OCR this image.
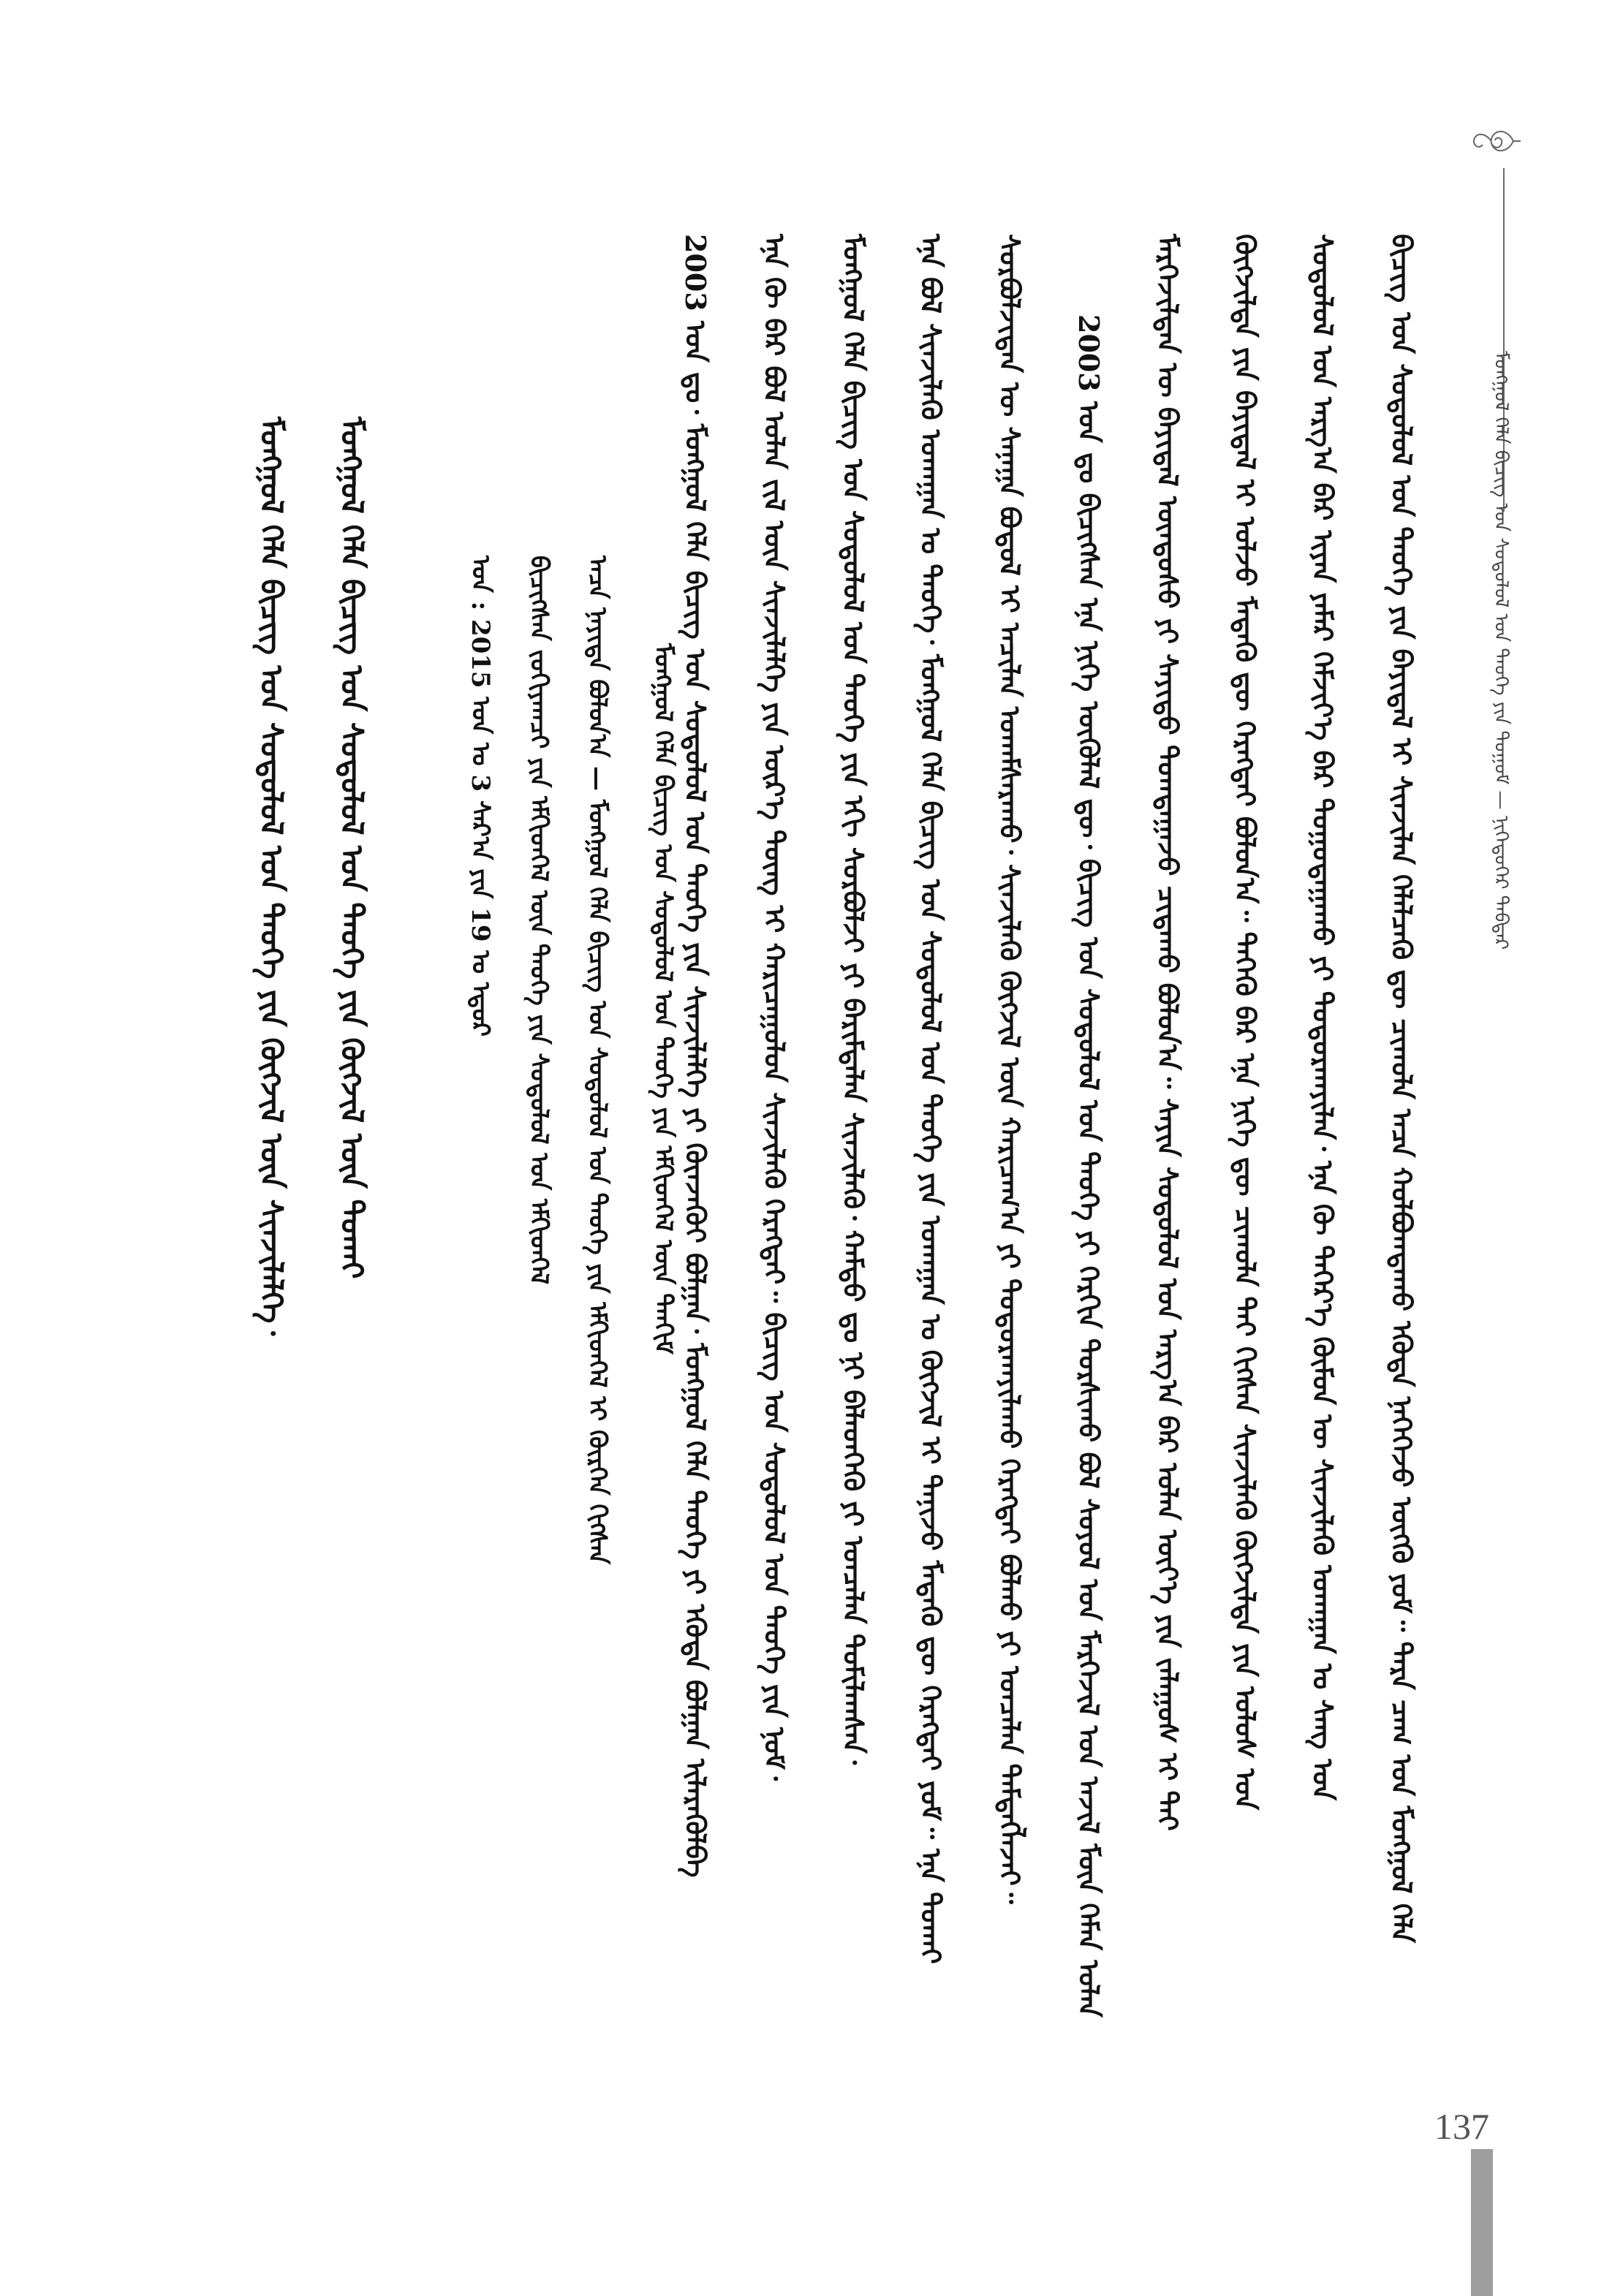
ᠮᠣᠩᠭᠣᠯ ᠬᠡᠯᠡ ᠪᠢᠴᠢᠭ ᠤᠨ ᠰᠤᠳᠤᠯᠤᠯ ᠤᠨ ᠲᠡᠦᠬᠡ ᠶᠢᠨ ᠲᠣᠭᠣᠮ — ᠨᠢᠭᠡᠳᠦᠭᠡᠷ ᠳᠡᠪᠲᠡᠷ
ᠪᠢᠴᠢᠭ ᠤᠨ ᠰᠤᠳᠤᠯᠤᠯ ᠤᠨ ᠲᠡᠦᠬᠡ ᠶᠢᠨ ᠪᠠᠶᠢᠳᠠᠯ ᠢ ᠰᠢᠨᠵᠢᠯᠡᠨ ᠬᠡᠯᠡᠯᠴᠡᠬᠦ ᠳᠦ ᠴᠢᠬᠤᠯᠠ ᠠᠴᠠ ᠬᠣᠯᠪᠣᠭᠳᠠᠬᠤ ᠡᠭᠦᠳᠡ ᠨᠡᠭᠡᠭᠡᠵᠦ ᠦᠭᠬᠦ ᠶᠤᠮ᠃ ᠲᠡᠷᠡ ᠴᠠᠭ ᠤᠨ ᠮᠣᠩᠭᠣᠯ ᠬᠡᠯᠡ
ᠰᠤᠳᠤᠯᠤᠯ ᠤᠨ ᠠᠷᠭ᠎ᠠ ᠪᠠᠷ ᠢᠶᠠᠨ ᠶᠠᠮᠠᠷ ᠬᠡᠮᠵᠢᠶ᠎ᠡ ᠪᠠᠷ ᠲᠣᠭᠣᠲᠠᠭᠠᠬᠤ ᠶᠢ ᠲᠣᠳᠣᠷᠬᠠᠶᠢᠯᠠᠨ᠂ ᠡᠨᠡ ᠬᠦ ᠳᠡᠭᠡᠷ᠎ᠡ ᠬᠦᠮᠦᠨ ᠦ ᠰᠢᠨᠵᠢᠯᠡᠬᠦ ᠤᠬᠠᠭᠠᠨ ᠤ ᠰᠠᠩ ᠤᠨ
ᠬᠥᠭᠵᠢᠯᠲᠡ ᠶᠢᠨ ᠪᠠᠶᠢᠳᠠᠯ ᠢ ᠣᠯᠵᠤ ᠮᠡᠳᠡᠬᠦ ᠳᠦ ᠬᠡᠷᠡᠭᠲᠡᠢ ᠪᠣᠯᠤᠨ᠎ᠠ᠃ ᠲᠡᠭᠡᠬᠦ ᠪᠡᠷ ᠡᠨᠡ ᠨᠢᠭᠡ ᠳᠦ ᠴᠢᠬᠤᠯᠠ ᠲᠠᠢ ᠬᠢᠭᠰᠡᠨ ᠰᠢᠨᠵᠢᠯᠡᠬᠦ ᠬᠥᠭᠵᠢᠯᠲᠡ ᠶᠢᠨ ᠤᠯᠤᠰ ᠤᠨ
ᠮᠡᠷᠭᠡᠵᠢᠯᠲᠡᠨ ᠦ ᠪᠠᠶᠢᠳᠠᠯ ᠦᠨᠳᠦᠰᠦ ᠶᠢ ᠰᠠᠶᠢᠲᠤ ᠲᠣᠭᠲᠠᠭᠠᠵᠤ ᠴᠢᠳᠠᠬᠤ ᠪᠣᠯᠤᠨ᠎ᠠ᠃ ᠰᠠᠶᠢᠨ ᠰᠤᠳᠤᠯᠤᠯ ᠤᠨ ᠠᠷᠭ᠎ᠠ ᠪᠠᠷ ᠣᠯᠠᠨ ᠦᠶ᠎ᠡ ᠶᠢᠨ ᠵᠠᠯᠠᠭᠤᠰ ᠢ ᠲᠠᠢ
2003 ᠣᠨ ᠳᠤ ᠪᠢᠴᠢᠭᠰᠡᠨ ᠡᠨᠡ ᠨᠢᠭᠡ ᠥᠭᠦᠯᠡᠯ ᠳᠦ᠂ ᠪᠢᠴᠢᠭ ᠤᠨ ᠰᠤᠳᠤᠯᠤᠯ ᠤᠨ ᠲᠡᠦᠬᠡ ᠶᠢ ᠬᠡᠷᠬᠢᠨ ᠲᠤᠷᠰᠢᠬᠤ ᠪᠣᠯ ᠰᠣᠶᠣᠯ ᠤᠨ ᠮᠡᠷᠭᠡᠵᠢᠯ ᠤᠨ ᠠᠵᠢᠯ ᠮᠥᠨ ᠬᠡᠮᠡᠨ ᠣᠯᠠᠨ
ᠰᠤᠷᠪᠤᠯᠵᠢᠲᠠᠨ ᠦ ᠰᠠᠨᠠᠭᠠ ᠪᠣᠳᠤᠯ ᠢ ᠠᠴᠢᠯᠠᠨ ᠤᠬᠠᠮᠰᠠᠷᠠᠬᠤ᠂ ᠰᠢᠨᠵᠢᠯᠡᠬᠦ ᠬᠥᠭᠵᠢᠯ ᠦᠨ ᠬᠠᠷᠢᠴᠠᠭ᠎ᠠ ᠶᠢ ᠲᠣᠳᠤᠷᠬᠠᠶᠢᠯᠠᠬᠤ ᠬᠡᠷᠡᠭᠲᠡᠢ ᠪᠣᠯᠬᠤ ᠶᠢ ᠣᠨᠴᠠᠯᠠᠨ ᠲᠡᠮᠳᠡᠭᠯᠡᠵᠡᠢ᠃
ᠡᠨᠡ ᠪᠣᠯ ᠰᠢᠨᠵᠢᠯᠡᠬᠦ ᠤᠬᠠᠭᠠᠨ ᠤ ᠲᠡᠦᠬᠡ᠂ ᠮᠣᠩᠭᠣᠯ ᠬᠡᠯᠡ ᠪᠢᠴᠢᠭ ᠤᠨ ᠰᠤᠳᠤᠯᠤᠯ ᠤᠨ ᠲᠡᠦᠬᠡ ᠶᠢᠨ ᠤᠬᠠᠭᠠᠨ ᠤ ᠬᠥᠭᠵᠢᠯ ᠢ ᠲᠠᠨᠢᠵᠤ ᠮᠡᠳᠡᠬᠦ ᠳᠦ ᠬᠡᠷᠡᠭᠲᠡᠢ ᠶᠤᠮ᠃ ᠡᠨᠡ ᠲᠤᠬᠠᠢ
ᠮᠣᠩᠭᠣᠯ ᠬᠡᠯᠡ ᠪᠢᠴᠢᠭ ᠤᠨ ᠰᠤᠳᠤᠯᠤᠯ ᠤᠨ ᠲᠡᠦᠬᠡ ᠶᠢᠨ ᠡᠬᠢ ᠰᠤᠷᠪᠤᠯᠵᠢ ᠶᠢ ᠪᠠᠷᠢᠮᠲᠠᠯᠠᠨ ᠰᠢᠨᠵᠢᠯᠡᠬᠦ᠂ ᠬᠠᠮᠲᠤ ᠳᠤ ᠨᠢ ᠪᠡᠯᠡᠳᠬᠡᠬᠦ ᠶᠢ ᠣᠨᠴᠠᠯᠠᠨ ᠲᠣᠮᠢᠯᠠᠭᠰᠠᠨ᠂
ᠡᠨᠡ ᠬᠦ ᠪᠠᠷ ᠪᠣᠯ ᠣᠯᠠᠨ ᠵᠢᠯ ᠦᠨ ᠰᠢᠨᠵᠢᠯᠡᠯᠭᠡ ᠶᠢᠨ ᠦᠷ᠎ᠡ ᠳᠦᠩ ᠢ ᠬᠠᠷᠢᠴᠠᠭᠤᠯᠤᠨ ᠰᠢᠨᠵᠢᠯᠡᠬᠦ ᠬᠡᠷᠡᠭᠲᠡᠢ᠃ ᠪᠢᠴᠢᠭ ᠤᠨ ᠰᠤᠳᠤᠯᠤᠯ ᠤᠨ ᠲᠡᠦᠬᠡ ᠶᠢᠨ ᠨᠣᠮ᠂
2003 ᠣᠨ ᠳᠤ᠂ ᠮᠣᠩᠭᠣᠯ ᠬᠡᠯᠡ ᠪᠢᠴᠢᠭ ᠤᠨ ᠰᠤᠳᠤᠯᠤᠯ ᠤᠨ ᠲᠡᠦᠬᠡ ᠶᠢᠨ ᠰᠢᠨᠵᠢᠯᠡᠯᠭᠡ ᠶᠢ ᠭᠦᠨᠵᠡᠭᠦᠢ ᠪᠣᠯᠭᠠᠨ᠂ ᠮᠣᠩᠭᠣᠯ ᠬᠡᠯᠡ ᠲᠡᠦᠬᠡ ᠶᠢ ᠡᠭᠦᠳᠡ ᠪᠣᠯᠭᠠᠨ ᠢᠯᠡᠷᠡᠭᠦᠯᠪᠡ
ᠮᠣᠩᠭᠣᠯ ᠬᠡᠯᠡ ᠪᠢᠴᠢᠭ ᠤᠨ ᠰᠤᠳᠤᠯᠤᠯ ᠤᠨ ᠲᠡᠦᠬᠡ ᠶᠢᠨ ᠡᠮᠬᠢᠳᠬᠡᠯ ᠦᠨ ᠲᠠᠨᠬᠢᠮ
ᠠᠴᠠ ᠨᠡᠶᠢᠲᠡ ᠪᠣᠯᠤᠨ᠎ᠠ — ᠮᠣᠩᠭᠣᠯ ᠬᠡᠯᠡ ᠪᠢᠴᠢᠭ ᠤᠨ ᠰᠤᠳᠤᠯᠤᠯ ᠤᠨ ᠲᠡᠦᠬᠡ ᠶᠢᠨ ᠡᠮᠬᠢᠳᠬᠡᠯ ᠢ ᠬᠦᠷᠭᠡᠨ ᠬᠢᠭᠰᠡᠨ
ᠪᠢᠴᠢᠭᠰᠡᠨ ᠵᠣᠬᠢᠶᠠᠭᠴᠢ ᠶᠢᠨ ᠡᠮᠬᠢᠳᠬᠡᠯ ᠦᠨ ᠲᠡᠦᠬᠡ ᠶᠢᠨ ᠰᠤᠳᠤᠯᠤᠯ ᠤᠨ ᠡᠮᠬᠢᠳᠬᠡᠯ
ᠣᠨ : 2015 ᠣᠨ ᠤ 3 ᠰᠠᠷ᠎ᠠ ᠶᠢᠨ 19 ᠤ ᠡᠳᠦᠷ
ᠮᠣᠩᠭᠣᠯ ᠬᠡᠯᠡ ᠪᠢᠴᠢᠭ ᠤᠨ ᠰᠤᠳᠤᠯᠤᠯ ᠤᠨ ᠲᠡᠦᠬᠡ ᠶᠢᠨ ᠬᠥᠭᠵᠢᠯ ᠦᠨ ᠲᠤᠬᠠᠢ
ᠮᠣᠩᠭᠣᠯ ᠬᠡᠯᠡ ᠪᠢᠴᠢᠭ ᠤᠨ ᠰᠤᠳᠤᠯᠤᠯ ᠤᠨ ᠲᠡᠦᠬᠡ ᠶᠢᠨ ᠬᠥᠭᠵᠢᠯ ᠦᠨ ᠰᠢᠨᠵᠢᠯᠡᠯᠭᠡ᠂
137
